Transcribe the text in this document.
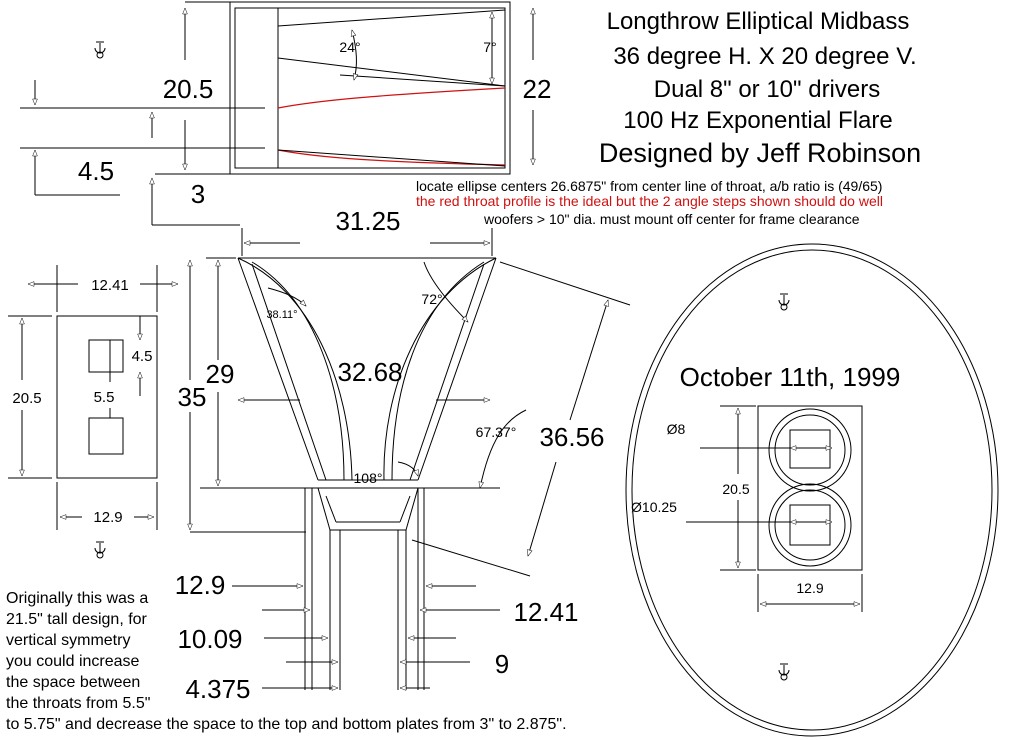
24°	7°
20.5
4.5
3
22
Longthrow Elliptical Midbass
36 degree H. X 20 degree V.
Dual 8" or 10" drivers
100 Hz Exponential Flare
Designed by Jeff Robinson
locate ellipse centers 26.6875" from center line of throat, a/b ratio is (49/65)
the red throat profile is the ideal but the 2 angle steps shown should do well
woofers > 10" dia. must mount off center for frame clearance
12.41
12.9
20.5	5.5
4.5
31.25
32.68
29
35
36.56
38.11°
72°
67.37°
108°
12.9
12.41
10.09
9
4.375
October 11th, 1999
Ø8
Ø10.25
20.5
12.9
Originally this was a
21.5" tall design, for
vertical symmetry
you could increase
the space between
the throats from 5.5"
to 5.75" and decrease the space to the top and bottom plates from 3" to 2.875".
